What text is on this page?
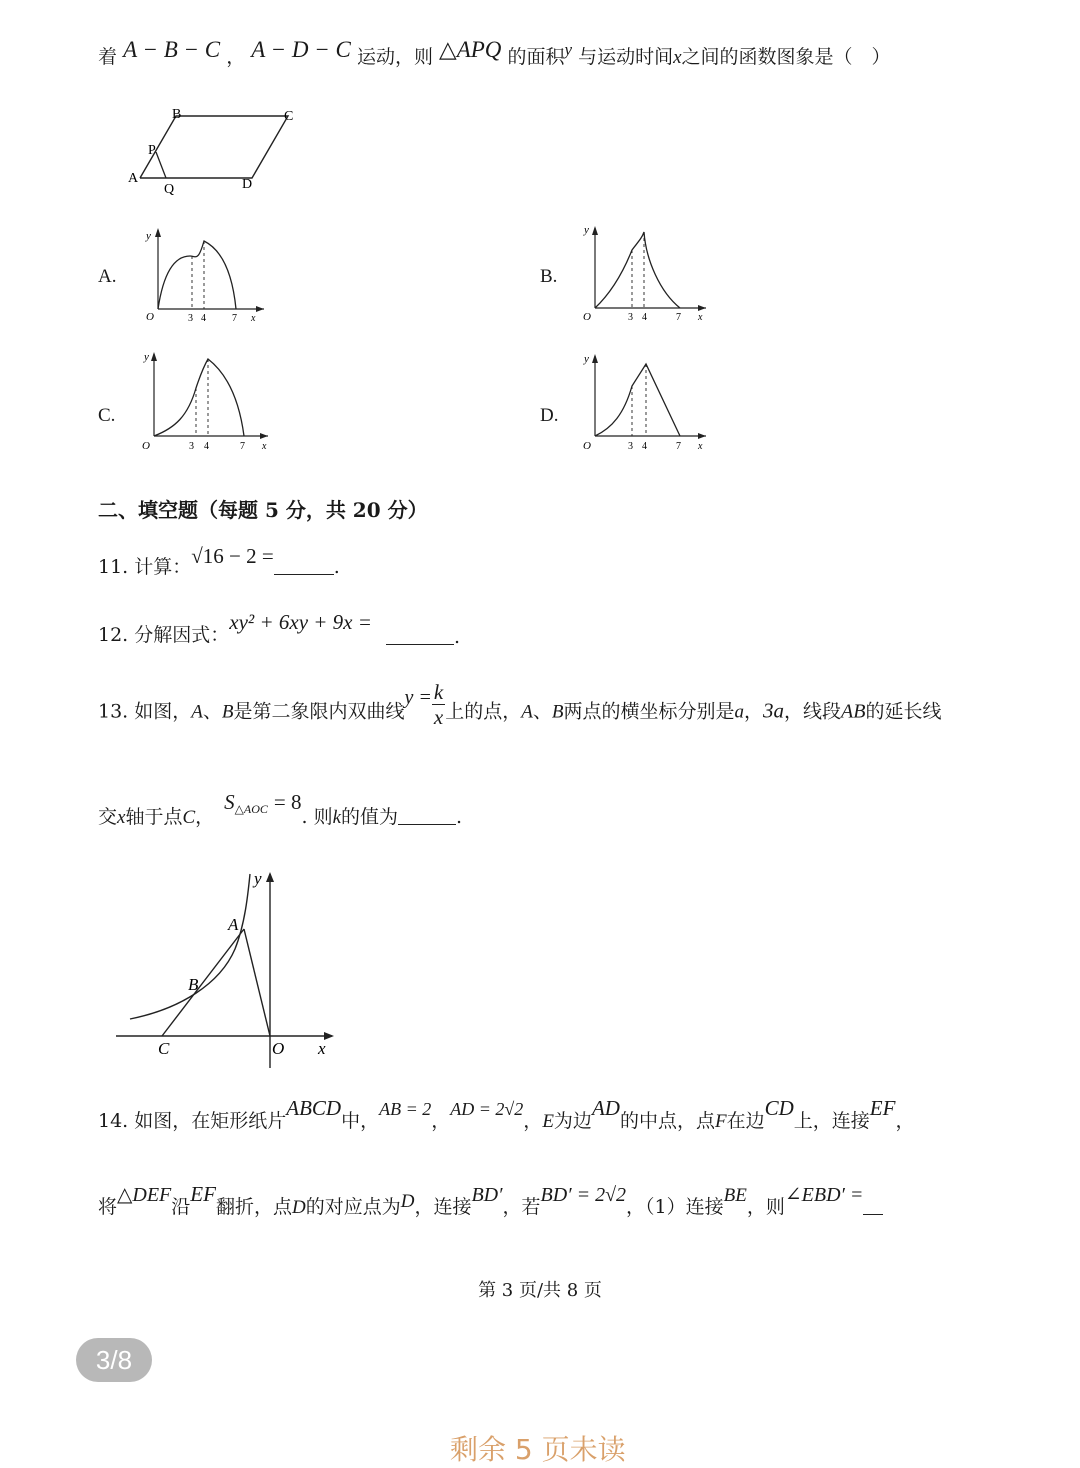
着 A − B − C ， A − D − C 运动，则 △APQ 的面积y 与运动时间x之间的函数图象是（　）
B	C
P
A
Q	D
A.
y
O	3 4	7 x
B.
y
O	3 4	7 x
C.
y
O	3 4	7 x
D.
y
O	3 4	7 x
二、填空题（每题 5 分，共 20 分）
11. 计算：√16 − 2 =	.
12. 分解因式：xy² + 6xy + 9x =.
13. 如图，A、B是第二象限内双曲线$y = \frac{k}{x}$ 上的点，A、B两点的横坐标分别是a，3a，线段AB的延长线
交x轴于点C，$S_{\triangle AOC} = 8$. 则k的值为	.
y
A
B
C	O x
14. 如图，在矩形纸片ABCD中，AB = 2，AD = 2√2，E为边AD的中点，点F在边CD上，连接EF，
将△DEF沿EF翻折，点D的对应点为D，连接BD′，若BD′ = 2√2，（1）连接BE，则∠EBD′ =
第 3 页/共 8 页
3/8
剩余 5 页未读
